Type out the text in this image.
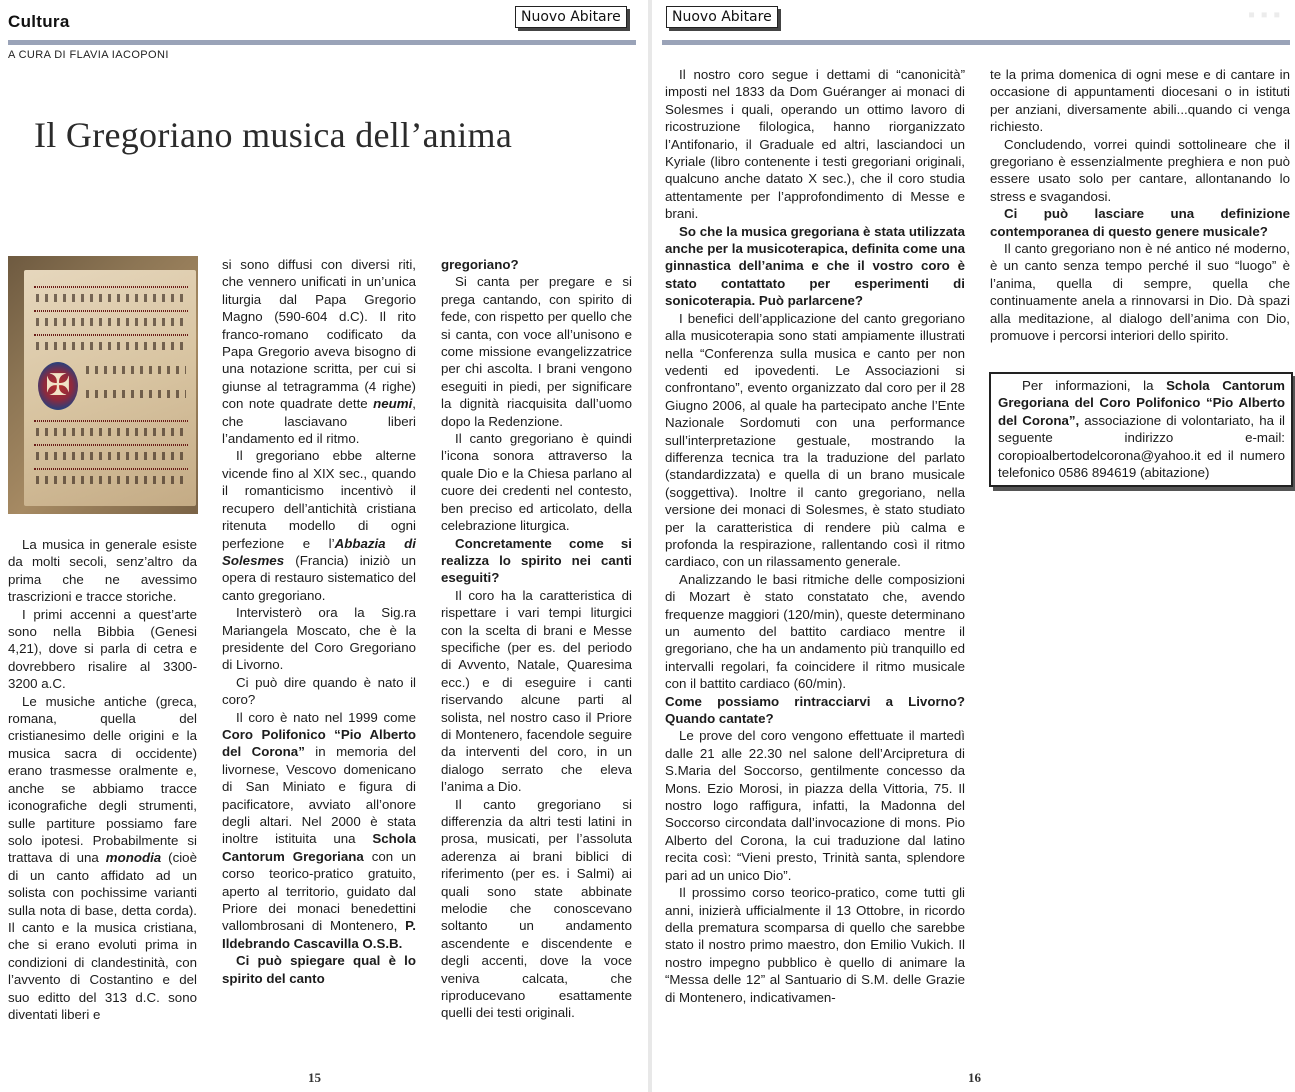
Cultura	Nuovo Abitare
A CURA DI FLAVIA IACOPONI
Il Gregoriano musica dell’anima
✠

La musica in generale esiste da molti secoli, senz’altro da prima che ne avessimo trascrizioni e tracce storiche.

I primi accenni a quest’arte sono nella Bibbia (Genesi 4,21), dove si parla di cetra e dovrebbero risalire al 3300-3200 a.C.

Le musiche antiche (greca, romana, quella del cristianesimo delle origini e la musica sacra di occidente) erano trasmesse oralmente e, anche se abbiamo tracce iconografiche degli strumenti, sulle partiture possiamo fare solo ipotesi. Probabilmente si trattava di una monodia (cioè di un canto affidato ad un solista con pochissime varianti sulla nota di base, detta corda). Il canto e la musica cristiana, che si erano evoluti prima in condizioni di clandestinità, con l’avvento di Costantino e del suo editto del 313 d.C. sono diventati liberi e

si sono diffusi con diversi riti, che vennero unificati in un’unica liturgia dal Papa Gregorio Magno (590-604 d.C). Il rito franco-romano codificato da Papa Gregorio aveva bisogno di una notazione scritta, per cui si giunse al tetragramma (4 righe) con note quadrate dette neumi, che lasciavano liberi l’andamento ed il ritmo.

Il gregoriano ebbe alterne vicende fino al XIX sec., quando il romanticismo incentivò il recupero dell’antichità cristiana ritenuta modello di ogni perfezione e l’Abbazia di Solesmes (Francia) iniziò un opera di restauro sistematico del canto gregoriano.

Intervisterò ora la Sig.ra Mariangela Moscato, che è la presidente del Coro Gregoriano di Livorno.

Ci può dire quando è nato il coro?

Il coro è nato nel 1999 come Coro Polifonico “Pio Alberto del Corona” in memoria del livornese, Vescovo domenicano di San Miniato e figura di pacificatore, avviato all’onore degli altari. Nel 2000 è stata inoltre istituita una Schola Cantorum Gregoriana con un corso teorico-pratico gratuito, aperto al territorio, guidato dal Priore dei monaci benedettini vallombrosani di Montenero, P. Ildebrando Cascavilla O.S.B.

Ci può spiegare qual è lo spirito del canto

gregoriano?

Si canta per pregare e si prega cantando, con spirito di fede, con rispetto per quello che si canta, con voce all’unisono e come missione evangelizzatrice per chi ascolta. I brani vengono eseguiti in piedi, per significare la dignità riacquisita dall’uomo dopo la Redenzione.

Il canto gregoriano è quindi l’icona sonora attraverso la quale Dio e la Chiesa parlano al cuore dei credenti nel contesto, ben preciso ed articolato, della celebrazione liturgica.

Concretamente come si realizza lo spirito nei canti eseguiti?

Il coro ha la caratteristica di rispettare i vari tempi liturgici con la scelta di brani e Messe specifiche (per es. del periodo di Avvento, Natale, Quaresima ecc.) e di eseguire i canti riservando alcune parti al solista, nel nostro caso il Priore di Montenero, facendole seguire da interventi del coro, in un dialogo serrato che eleva l’anima a Dio.

Il canto gregoriano si differenzia da altri testi latini in prosa, musicati, per l’assoluta aderenza ai brani biblici di riferimento (per es. i Salmi) ai quali sono state abbinate melodie che conoscevano soltanto un andamento ascendente e discendente e degli accenti, dove la voce veniva calcata, che riproducevano esattamente quelli dei testi originali.

15
Nuovo Abitare

Il nostro coro segue i dettami di “canonicità” imposti nel 1833 da Dom Guéranger ai monaci di Solesmes i quali, operando un ottimo lavoro di ricostruzione filologica, hanno riorganizzato l’Antifonario, il Graduale ed altri, lasciandoci un Kyriale (libro contenente i testi gregoriani originali, qualcuno anche datato X sec.), che il coro studia attentamente per l’approfondimento di Messe e brani.

So che la musica gregoriana è stata utilizzata anche per la musicoterapica, definita come una ginnastica dell’anima e che il vostro coro è stato contattato per esperimenti di sonicoterapia. Può parlarcene?

I benefici dell’applicazione del canto gregoriano alla musicoterapia sono stati ampiamente illustrati nella “Conferenza sulla musica e canto per non vedenti ed ipovedenti. Le Associazioni si confrontano”, evento organizzato dal coro per il 28 Giugno 2006, al quale ha partecipato anche l’Ente Nazionale Sordomuti con una performance sull’interpretazione gestuale, mostrando la differenza tecnica tra la traduzione del parlato (standardizzata) e quella di un brano musicale (soggettiva). Inoltre il canto gregoriano, nella versione dei monaci di Solesmes, è stato studiato per la caratteristica di rendere più calma e profonda la respirazione, rallentando così il ritmo cardiaco, con un rilassamento generale.

Analizzando le basi ritmiche delle composizioni di Mozart è stato constatato che, avendo frequenze maggiori (120/min), queste determinano un aumento del battito cardiaco mentre il gregoriano, che ha un andamento più tranquillo ed intervalli regolari, fa coincidere il ritmo musicale con il battito cardiaco (60/min).

Come possiamo rintracciarvi a Livorno? Quando cantate?

Le prove del coro vengono effettuate il martedì dalle 21 alle 22.30 nel salone dell’Arcipretura di S.Maria del Soccorso, gentilmente concesso da Mons. Ezio Morosi, in piazza della Vittoria, 75. Il nostro logo raffigura, infatti, la Madonna del Soccorso circondata dall’invocazione di mons. Pio Alberto del Corona, la cui traduzione dal latino recita così: “Vieni presto, Trinità santa, splendore pari ad un unico Dio”.

Il prossimo corso teorico-pratico, come tutti gli anni, inizierà ufficialmente il 13 Ottobre, in ricordo della prematura scomparsa di quello che sarebbe stato il nostro primo maestro, don Emilio Vukich. Il nostro impegno pubblico è quello di animare la “Messa delle 12” al Santuario di S.M. delle Grazie di Montenero, indicativamen-

te la prima domenica di ogni mese e di cantare in occasione di appuntamenti diocesani o in istituti per anziani, diversamente abili...quando ci venga richiesto.

Concludendo, vorrei quindi sottolineare che il gregoriano è essenzialmente preghiera e non può essere usato solo per cantare, allontanando lo stress e svagandosi.

Ci può lasciare una definizione contemporanea di questo genere musicale?

Il canto gregoriano non è né antico né moderno, è un canto senza tempo perché il suo “luogo” è l’anima, quella di sempre, quella che continuamente anela a rinnovarsi in Dio. Dà spazi alla meditazione, al dialogo dell’anima con Dio, promuove i percorsi interiori dello spirito.

Per informazioni, la Schola Cantorum Gregoriana del Coro Polifonico “Pio Alberto del Corona”, associazione di volontariato, ha il seguente indirizzo e-mail: coropioalbertodelcorona@yahoo.it ed il numero telefonico 0586 894619 (abitazione)

▪ ▪ ▪
16
